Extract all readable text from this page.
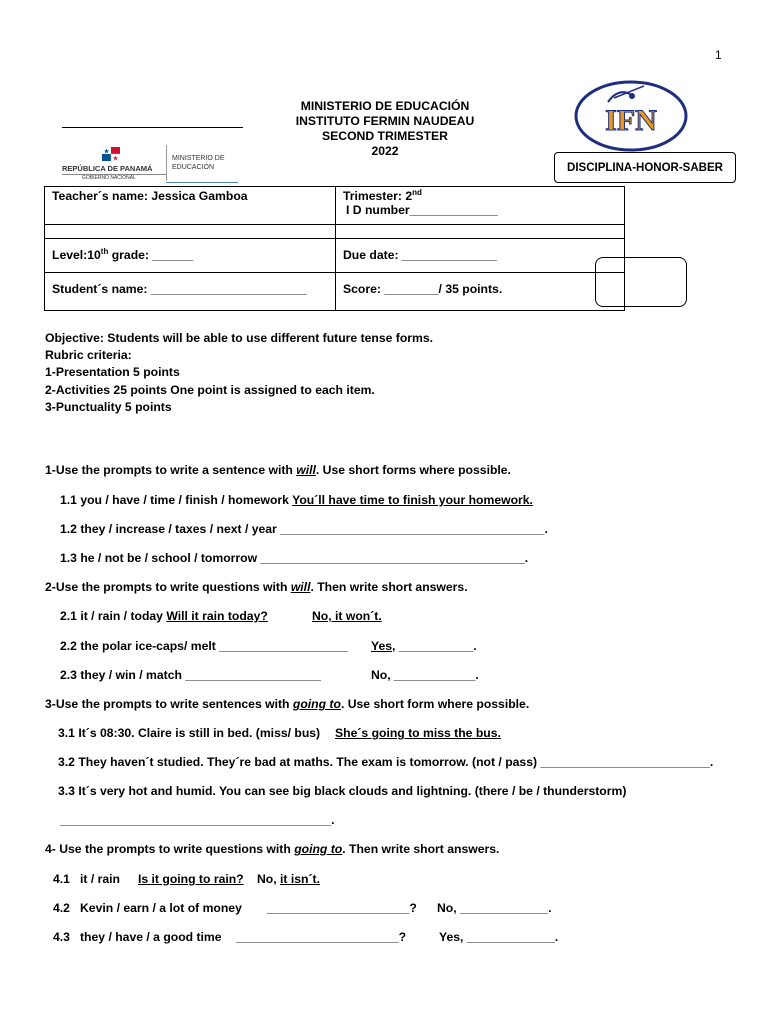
1
MINISTERIO DE EDUCACIÓN
INSTITUTO FERMIN NAUDEAU
SECOND TRIMESTER
2022
REPÚBLICA DE PANAMÁ
GOBIERNO NACIONAL
MINISTERIO DE
EDUCACIÓN
IFN
DISCIPLINA-HONOR-SABER
Teacher´s name: Jessica Gamboa	Trimester: 2nd
I D number_____________

Level:10th grade: ______	Due date: ______________
Student´s name: _______________________	Score: ________/ 35 points.
Objective: Students will be able to use different future tense forms.
Rubric criteria:
1-Presentation 5 points
2-Activities 25 points One point is assigned to each item.
3-Punctuality 5 points
1-Use the prompts to write a sentence with will. Use short forms where possible.
1.1 you / have / time / finish / homework You´ll have time to finish your homework.
1.2 they / increase / taxes / next / year _______________________________________.
1.3 he / not be / school / tomorrow _______________________________________.
2-Use the prompts to write questions with will. Then write short answers.
2.1 it / rain / today Will it rain today?	No, it won´t.
2.2 the polar ice-caps/ melt ___________________ Yes, ___________.
2.3 they / win / match ____________________	No, ____________.
3-Use the prompts to write sentences with going to. Use short form where possible.
3.1 It´s 08:30. Claire is still in bed. (miss/ bus) She´s going to miss the bus.
3.2 They haven´t studied. They´re bad at maths. The exam is tomorrow. (not / pass) _________________________.
3.3 It´s very hot and humid. You can see big black clouds and lightning. (there / be / thunderstorm)
________________________________________.
4- Use the prompts to write questions with going to. Then write short answers.
4.1 it / rain Is it going to rain? No, it isn´t.
4.2 Kevin / earn / a lot of money _____________________? No, _____________.
4.3 they / have / a good time ________________________?	Yes, _____________.
